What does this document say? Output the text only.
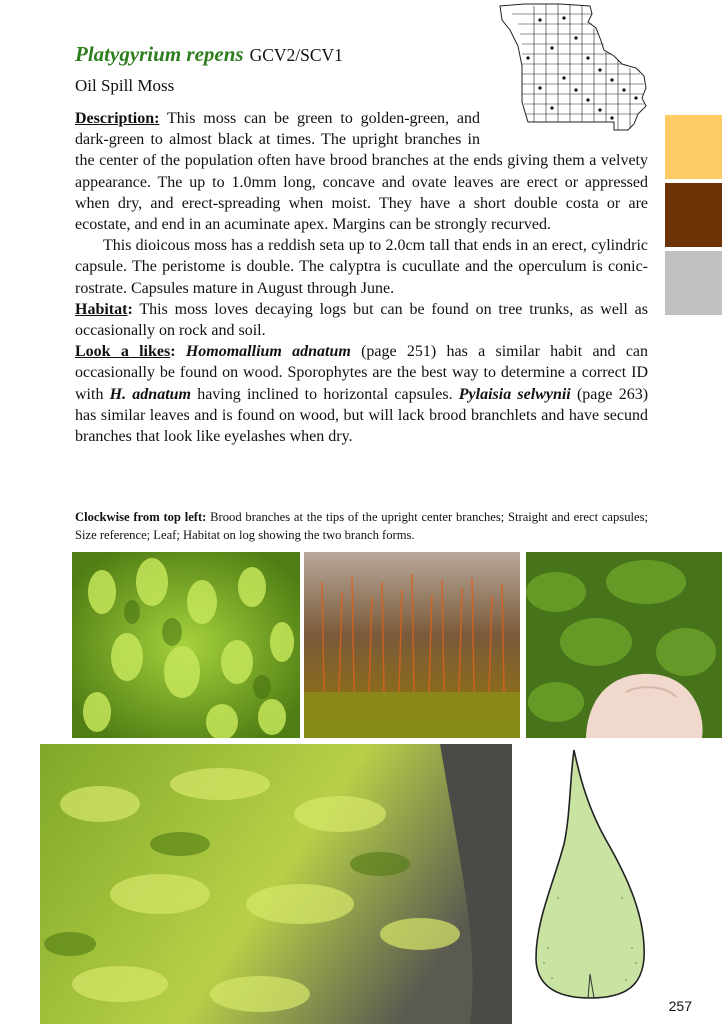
Platygyrium repens GCV2/SCV1
Oil Spill Moss

Description: This moss can be green to golden-green, and dark-green to almost black at times. The upright branches in the center of the population often have brood branches at the ends giving them a velvety appearance. The up to 1.0mm long, concave and ovate leaves are erect or appressed when dry, and erect-spreading when moist. They have a short double costa or are ecostate, and end in an acuminate apex. Margins can be strongly recurved.

This dioicous moss has a reddish seta up to 2.0cm tall that ends in an erect, cylindric capsule. The peristome is double. The calyptra is cucullate and the operculum is conic-rostrate. Capsules mature in August through June.

Habitat: This moss loves decaying logs but can be found on tree trunks, as well as occasionally on rock and soil.

Look a likes: Homomallium adnatum (page 251) has a similar habit and can occasionally be found on wood. Sporophytes are the best way to determine a correct ID with H. adnatum having inclined to horizontal capsules. Pylaisia selwynii (page 263) has similar leaves and is found on wood, but will lack brood branchlets and have secund branches that look like eyelashes when dry.

Clockwise from top left: Brood branches at the tips of the upright center branches; Straight and erect capsules; Size reference; Leaf; Habitat on log showing the two branch forms.
257
